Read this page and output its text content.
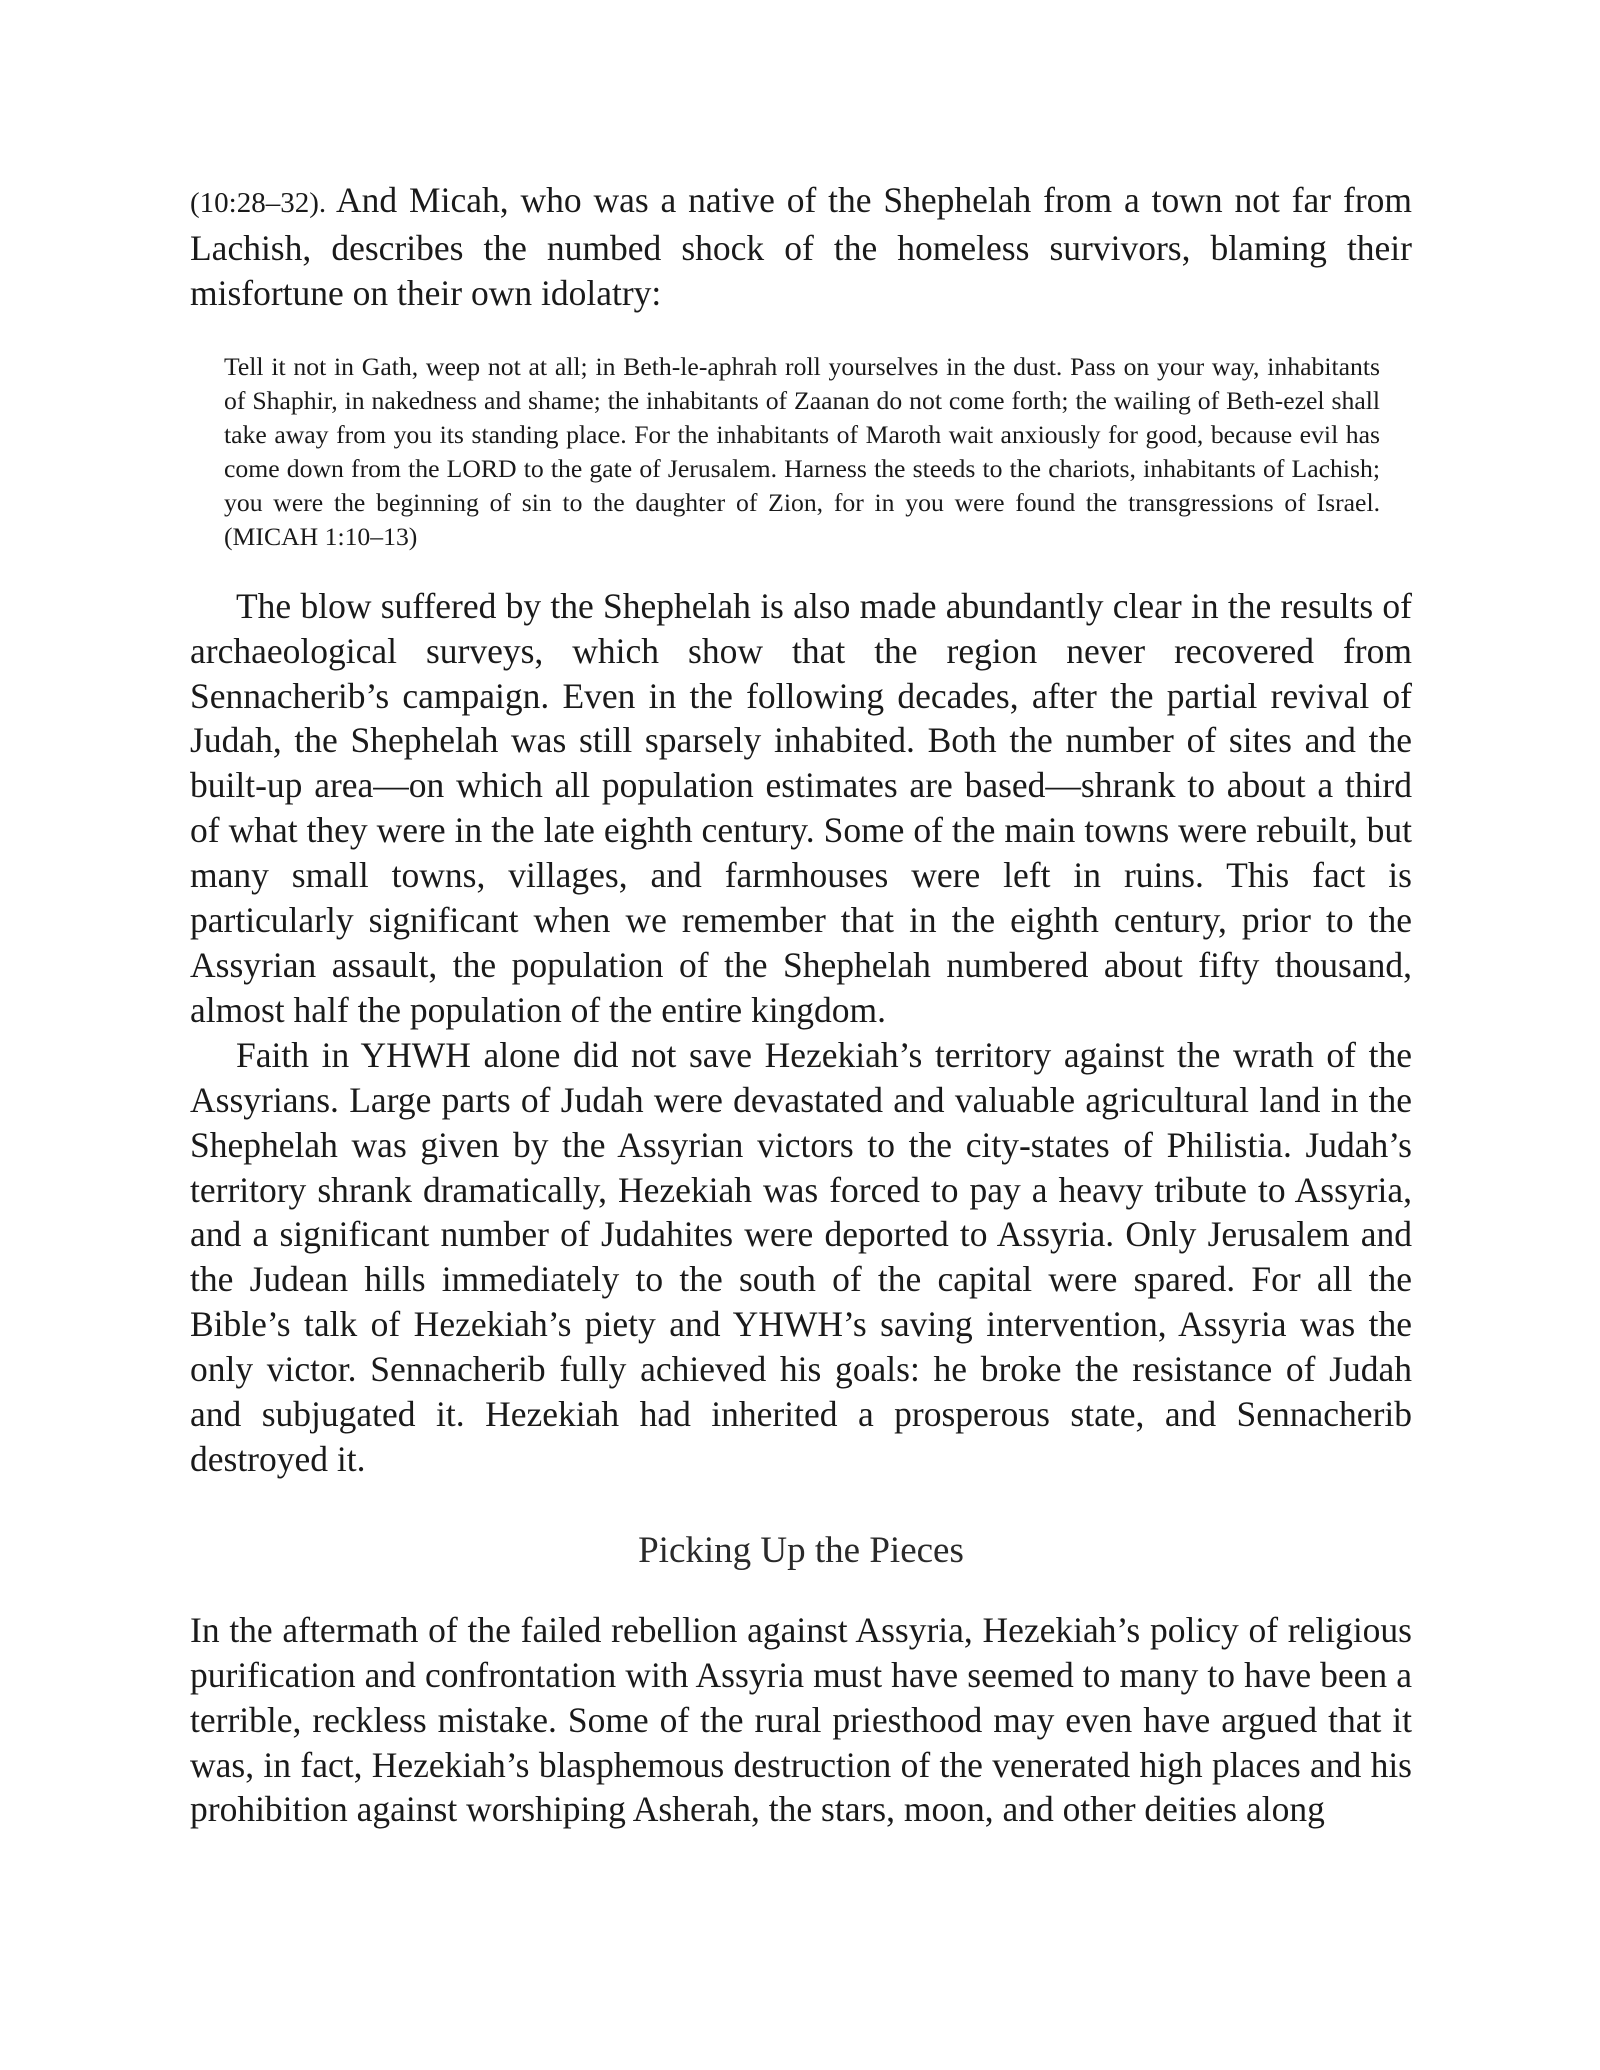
(10:28–32). And Micah, who was a native of the Shephelah from a town not far from Lachish, describes the numbed shock of the homeless survivors, blaming their misfortune on their own idolatry:

Tell it not in Gath, weep not at all; in Beth-le-aphrah roll yourselves in the dust. Pass on your way, inhabitants of Shaphir, in nakedness and shame; the inhabitants of Zaanan do not come forth; the wailing of Beth-ezel shall take away from you its standing place. For the inhabitants of Maroth wait anxiously for good, because evil has come down from the LORD to the gate of Jerusalem. Harness the steeds to the chariots, inhabitants of Lachish; you were the beginning of sin to the daughter of Zion, for in you were found the transgressions of Israel. (MICAH 1:10–13)

The blow suffered by the Shephelah is also made abundantly clear in the results of archaeological surveys, which show that the region never recovered from Sennacherib’s campaign. Even in the following decades, after the partial revival of Judah, the Shephelah was still sparsely inhabited. Both the number of sites and the built-up area—on which all population estimates are based—shrank to about a third of what they were in the late eighth century. Some of the main towns were rebuilt, but many small towns, villages, and farmhouses were left in ruins. This fact is particularly significant when we remember that in the eighth century, prior to the Assyrian assault, the population of the Shephelah numbered about fifty thousand, almost half the population of the entire kingdom.

Faith in YHWH alone did not save Hezekiah’s territory against the wrath of the Assyrians. Large parts of Judah were devastated and valuable agricultural land in the Shephelah was given by the Assyrian victors to the city-states of Philistia. Judah’s territory shrank dramatically, Hezekiah was forced to pay a heavy tribute to Assyria, and a significant number of Judahites were deported to Assyria. Only Jerusalem and the Judean hills immediately to the south of the capital were spared. For all the Bible’s talk of Hezekiah’s piety and YHWH’s saving intervention, Assyria was the only victor. Sennacherib fully achieved his goals: he broke the resistance of Judah and subjugated it. Hezekiah had inherited a prosperous state, and Sennacherib destroyed it.

Picking Up the Pieces

In the aftermath of the failed rebellion against Assyria, Hezekiah’s policy of religious purification and confrontation with Assyria must have seemed to many to have been a terrible, reckless mistake. Some of the rural priesthood may even have argued that it was, in fact, Hezekiah’s blasphemous destruction of the venerated high places and his prohibition against worshiping Asherah, the stars, moon, and other deities along
